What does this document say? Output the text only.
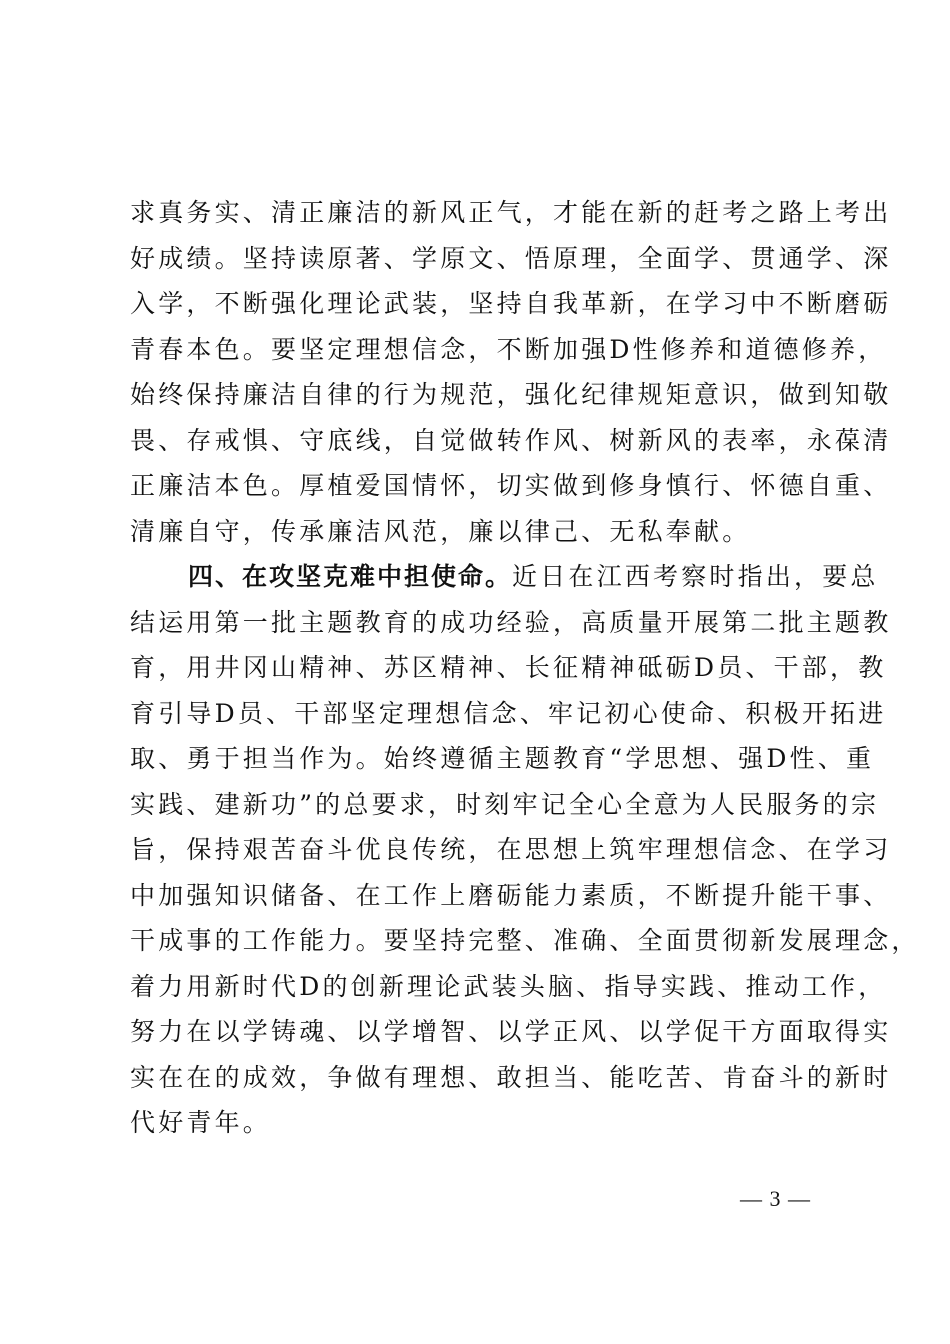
求真务实、清正廉洁的新风正气，才能在新的赶考之路上考出
好成绩。坚持读原著、学原文、悟原理，全面学、贯通学、深
入学，不断强化理论武装，坚持自我革新，在学习中不断磨砺
青春本色。要坚定理想信念，不断加强D性修养和道德修养，
始终保持廉洁自律的行为规范，强化纪律规矩意识，做到知敬
畏、存戒惧、守底线，自觉做转作风、树新风的表率，永葆清
正廉洁本色。厚植爱国情怀，切实做到修身慎行、怀德自重、
清廉自守，传承廉洁风范，廉以律己、无私奉献。
四、在攻坚克难中担使命。近日在江西考察时指出，要总
结运用第一批主题教育的成功经验，高质量开展第二批主题教
育，用井冈山精神、苏区精神、长征精神砥砺D员、干部，教
育引导D员、干部坚定理想信念、牢记初心使命、积极开拓进
取、勇于担当作为。始终遵循主题教育“学思想、强D性、重
实践、建新功”的总要求，时刻牢记全心全意为人民服务的宗
旨，保持艰苦奋斗优良传统，在思想上筑牢理想信念、在学习
中加强知识储备、在工作上磨砺能力素质，不断提升能干事、
干成事的工作能力。要坚持完整、准确、全面贯彻新发展理念，
着力用新时代D的创新理论武装头脑、指导实践、推动工作，
努力在以学铸魂、以学增智、以学正风、以学促干方面取得实
实在在的成效，争做有理想、敢担当、能吃苦、肯奋斗的新时
代好青年。
— 3 —
